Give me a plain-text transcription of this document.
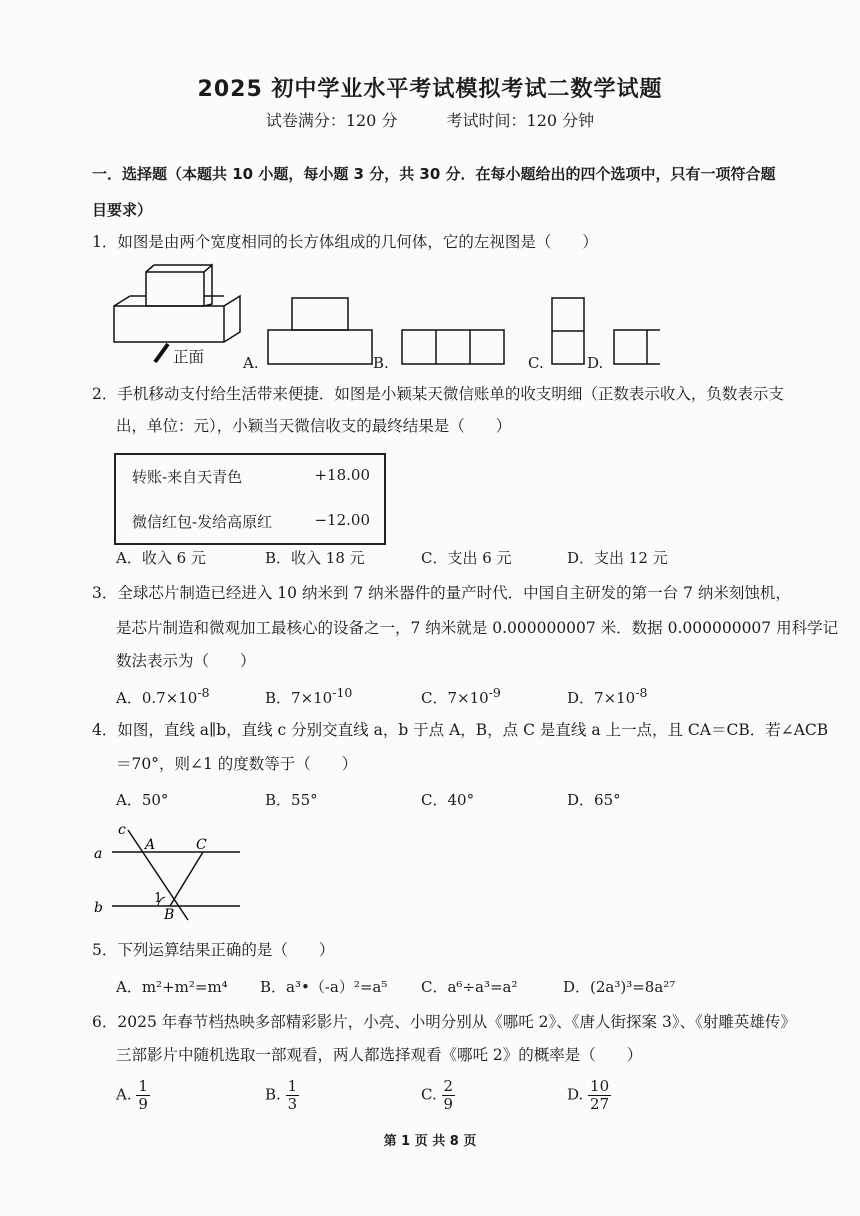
2025 初中学业水平考试模拟考试二数学试题
试卷满分：120 分	考试时间：120 分钟
一．选择题（本题共 10 小题，每小题 3 分，共 30 分．在每小题给出的四个选项中，只有一项符合题
目要求）
1．如图是由两个宽度相同的长方体组成的几何体，它的左视图是（　　）
正面	A.	B.	C.	D.
2．手机移动支付给生活带来便捷．如图是小颖某天微信账单的收支明细（正数表示收入，负数表示支
出，单位：元），小颖当天微信收支的最终结果是（　　）
转账-来自天青色	+18.00
微信红包-发给高原红	−12.00
A．收入 6 元	B．收入 18 元	C．支出 6 元	D．支出 12 元
3．全球芯片制造已经进入 10 纳米到 7 纳米器件的量产时代．中国自主研发的第一台 7 纳米刻蚀机，
是芯片制造和微观加工最核心的设备之一，7 纳米就是 0.000000007 米．数据 0.000000007 用科学记
数法表示为（　　）
A．$0.7\times 10^{-8}$	B．$7\times 10^{-10}$	C．$7\times 10^{-9}$	D．$7\times 10^{-8}$
4．如图，直线 a∥b，直线 c 分别交直线 a，b 于点 A，B，点 C 是直线 a 上一点，且 CA＝CB．若∠ACB
＝70°，则∠1 的度数等于（　　）
A．50°	B．55°	C．40°	D．65°
c
a
b
A	C
B
1
5．下列运算结果正确的是（　　）
A．m²+m²=m⁴ B．a³•（-a）²=a⁵ C．a⁶÷a³=a²	D．(2a³)³=8a²⁷
6．2025 年春节档热映多部精彩影片，小亮、小明分别从《哪吒 2》、《唐人街探案 3》、《射雕英雄传》
三部影片中随机选取一部观看，两人都选择观看《哪吒 2》的概率是（　　）
A. $\frac{1}{9}$	B. $\frac{1}{3}$	C. $\frac{2}{9}$	D. $\frac{10}{27}$
第 1 页 共 8 页
